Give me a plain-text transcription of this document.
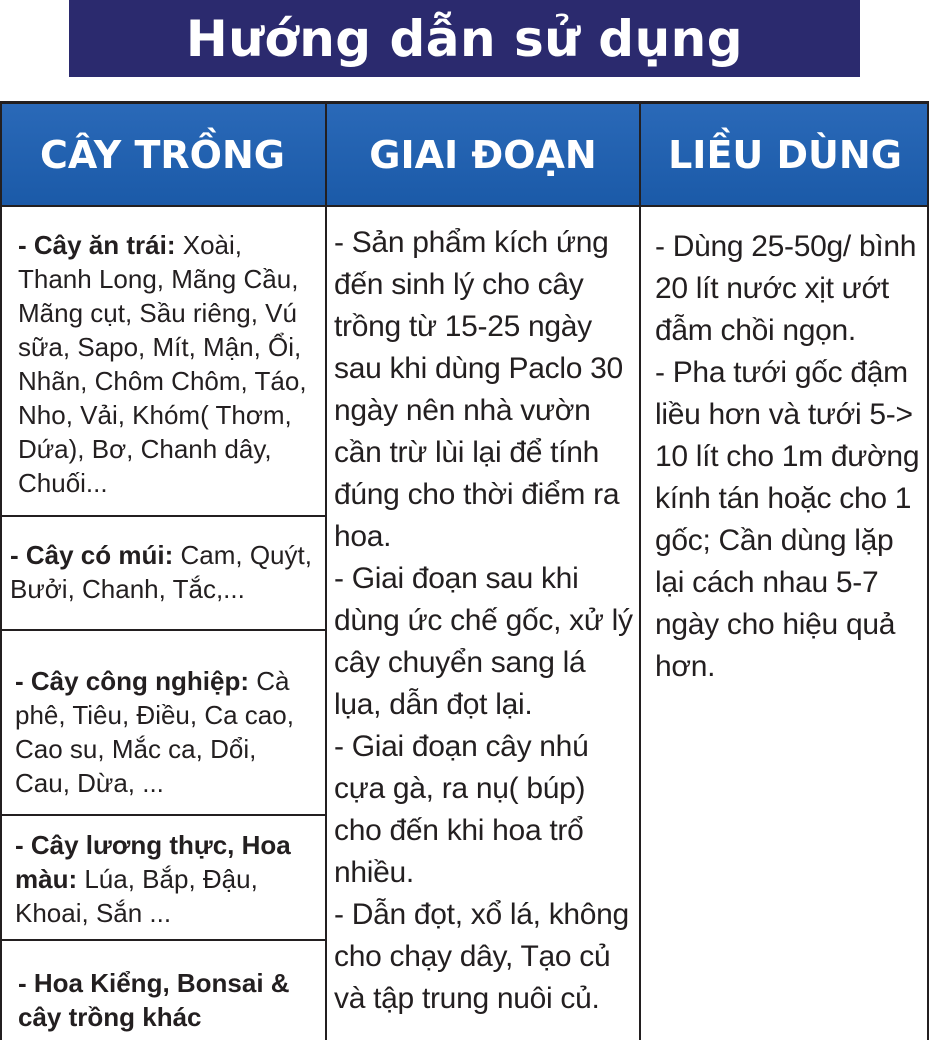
Hướng dẫn sử dụng
CÂY TRỒNG	GIAI ĐOẠN	LIỀU DÙNG
- Cây ăn trái: Xoài, Thanh Long, Mãng Cầu, Mãng cụt, Sầu riêng, Vú sữa, Sapo, Mít, Mận, Ổi, Nhãn, Chôm Chôm, Táo, Nho, Vải, Khóm( Thơm, Dứa), Bơ, Chanh dây, Chuối...
- Cây có múi: Cam, Quýt, Bưởi, Chanh, Tắc,...
- Cây công nghiệp: Cà phê, Tiêu, Điều, Ca cao, Cao su, Mắc ca, Dổi, Cau, Dừa, ...
- Cây lương thực, Hoa màu: Lúa, Bắp, Đậu, Khoai, Sắn ...
- Hoa Kiểng, Bonsai & cây trồng khác
- Sản phẩm kích ứng đến sinh lý cho cây trồng từ 15-25 ngày sau khi dùng Paclo 30 ngày nên nhà vườn cần trừ lùi lại để tính đúng cho thời điểm ra hoa.
- Giai đoạn sau khi dùng ức chế gốc, xử lý cây chuyển sang lá lụa, dẫn đọt lại.
- Giai đoạn cây nhú cựa gà, ra nụ( búp) cho đến khi hoa trổ nhiều.
- Dẫn đọt, xổ lá, không cho chạy dây, Tạo củ và tập trung nuôi củ.
- Dùng 25-50g/ bình 20 lít nước xịt ướt đẫm chồi ngọn.
- Pha tưới gốc đậm liều hơn và tưới 5-> 10 lít cho 1m đường kính tán hoặc cho 1 gốc; Cần dùng lặp lại cách nhau 5-7 ngày cho hiệu quả hơn.
